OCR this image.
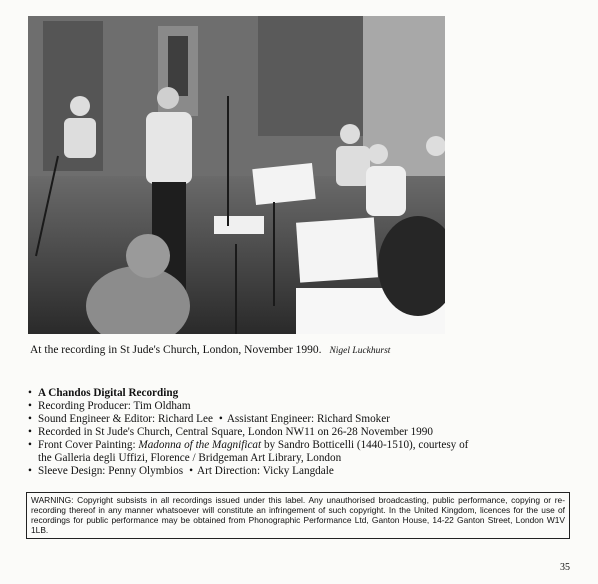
At the recording in St Jude's Church, London, November 1990. Nigel Luckhurst
• A Chandos Digital Recording
• Recording Producer: Tim Oldham
• Sound Engineer & Editor: Richard Lee • Assistant Engineer: Richard Smoker
• Recorded in St Jude's Church, Central Square, London NW11 on 26-28 November 1990
• Front Cover Painting: Madonna of the Magnificat by Sandro Botticelli (1440-1510), courtesy of
the Galleria degli Uffizi, Florence / Bridgeman Art Library, London
• Sleeve Design: Penny Olymbios • Art Direction: Vicky Langdale
WARNING: Copyright subsists in all recordings issued under this label. Any unauthorised broadcasting, public performance, copying or re-recording thereof in any manner whatsoever will constitute an infringement of such copyright. In the United Kingdom, licences for the use of recordings for public performance may be obtained from Phonographic Performance Ltd, Ganton House, 14-22 Ganton Street, London W1V 1LB.
35
